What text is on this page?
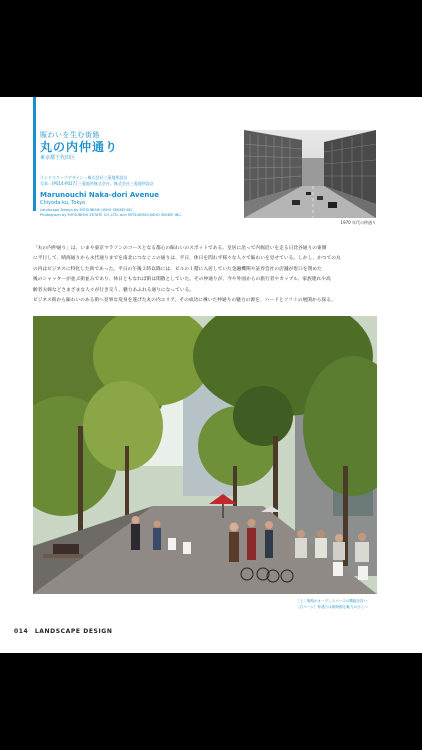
賑わいを生む街路
丸の内仲通り
東京都千代田区
ランドスケープデザイン＝株式会社三菱地所設計
写真＝[P014-P027] 三菱地所株式会社、株式会社三菱地所設計
Marunouchi Naka-dori Avenue
Chiyoda-ku, Tokyo
Landscape Design by MITSUBISHI JISHO SEKKEI INC.
Photograph by MITSUBISHI ESTATE CO.,LTD. and MITSUBISHI JISHO SEKKEI INC.
1970 年代の仲通り

「丸の内仲通り」は、いまや東京マラソンのコースとなる都心の賑わいのスポットである。皇居に沿って内堀沿いを走る日比谷通りの東側

に平行して、晴海通りから永代通りまでを南北につなぐこの通りは、平日、休日を問わず様々な人々で賑わいを見せている。しかし、かつての丸

の内はビジネスに特化した街であった。平日の午後３時以降には、ビルの１階に入居していた金融機関や証券会社の店舗が窓口を閉めた

後のシャッターが並ぶ街並みであり、休日ともなれば街は閑散としていた。その仲通りが、今や外国からの旅行者やカップル、家族連れや高

齢者夫婦などさまざまな人々が行き交う、魅力あふれる通りになっている。

ビジネス街から賑わいのある街へ見事な変身を遂げた丸の内エリア。その成功に導いた仲通りの魅力の源を、ハードとソフトの展開から探る。

［上］街路がオープンスペースの機能を持つ
［右ページ］仲通りは街路樹も魅力のひとつ
014 LANDSCAPE DESIGN
